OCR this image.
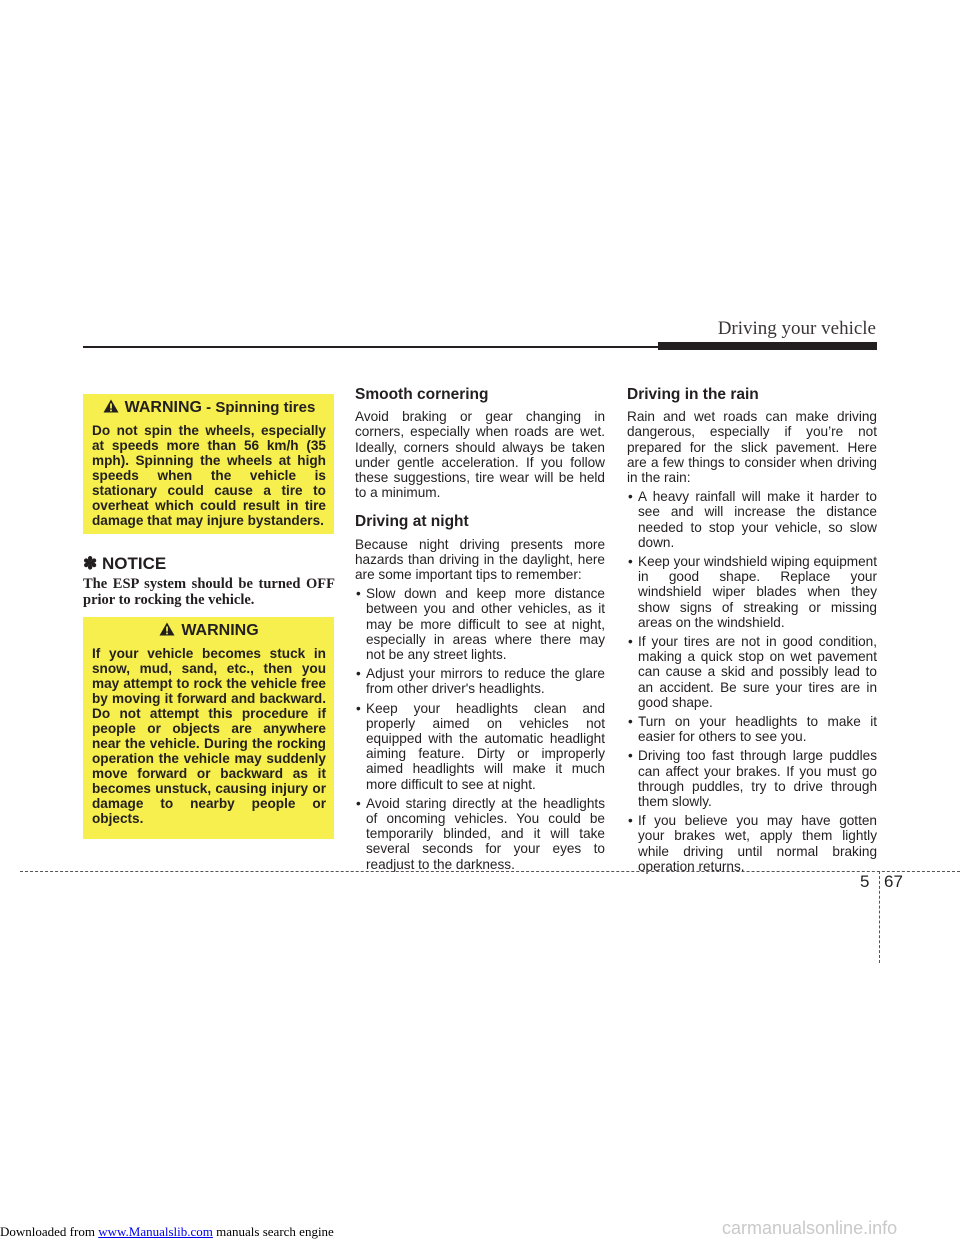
Driving your vehicle
WARNING - Spinning tires
Do not spin the wheels, especially at speeds more than 56 km/h (35 mph). Spinning the wheels at high speeds when the vehicle is stationary could cause a tire to overheat which could result in tire damage that may injure bystanders.
✽ NOTICE
The ESP system should be turned OFF prior to rocking the vehicle.
WARNING
If your vehicle becomes stuck in snow, mud, sand, etc., then you may attempt to rock the vehicle free by moving it forward and backward. Do not attempt this procedure if people or objects are anywhere near the vehicle. During the rocking operation the vehicle may suddenly move forward or backward as it becomes unstuck, causing injury or damage to nearby people or objects.
Smooth cornering

Avoid braking or gear changing in corners, especially when roads are wet. Ideally, corners should always be taken under gentle acceleration. If you follow these suggestions, tire wear will be held to a minimum.

Driving at night

Because night driving presents more hazards than driving in the daylight, here are some important tips to remember:

• Slow down and keep more distance between you and other vehicles, as it may be more difficult to see at night, especially in areas where there may not be any street lights.
• Adjust your mirrors to reduce the glare from other driver's headlights.
• Keep your headlights clean and properly aimed on vehicles not equipped with the automatic headlight aiming feature. Dirty or improperly aimed headlights will make it much more difficult to see at night.
• Avoid staring directly at the headlights of oncoming vehicles. You could be temporarily blinded, and it will take several seconds for your eyes to readjust to the darkness.
Driving in the rain

Rain and wet roads can make driving dangerous, especially if you’re not prepared for the slick pavement. Here are a few things to consider when driving in the rain:

• A heavy rainfall will make it harder to see and will increase the distance needed to stop your vehicle, so slow down.
• Keep your windshield wiping equipment in good shape. Replace your windshield wiper blades when they show signs of streaking or missing areas on the windshield.
• If your tires are not in good condition, making a quick stop on wet pavement can cause a skid and possibly lead to an accident. Be sure your tires are in good shape.
• Turn on your headlights to make it easier for others to see you.
• Driving too fast through large puddles can affect your brakes. If you must go through puddles, try to drive through them slowly.
• If you believe you may have gotten your brakes wet, apply them lightly while driving until normal braking operation returns.
5 67
Downloaded from www.Manualslib.com manuals search engine	carmanualsonline.info
